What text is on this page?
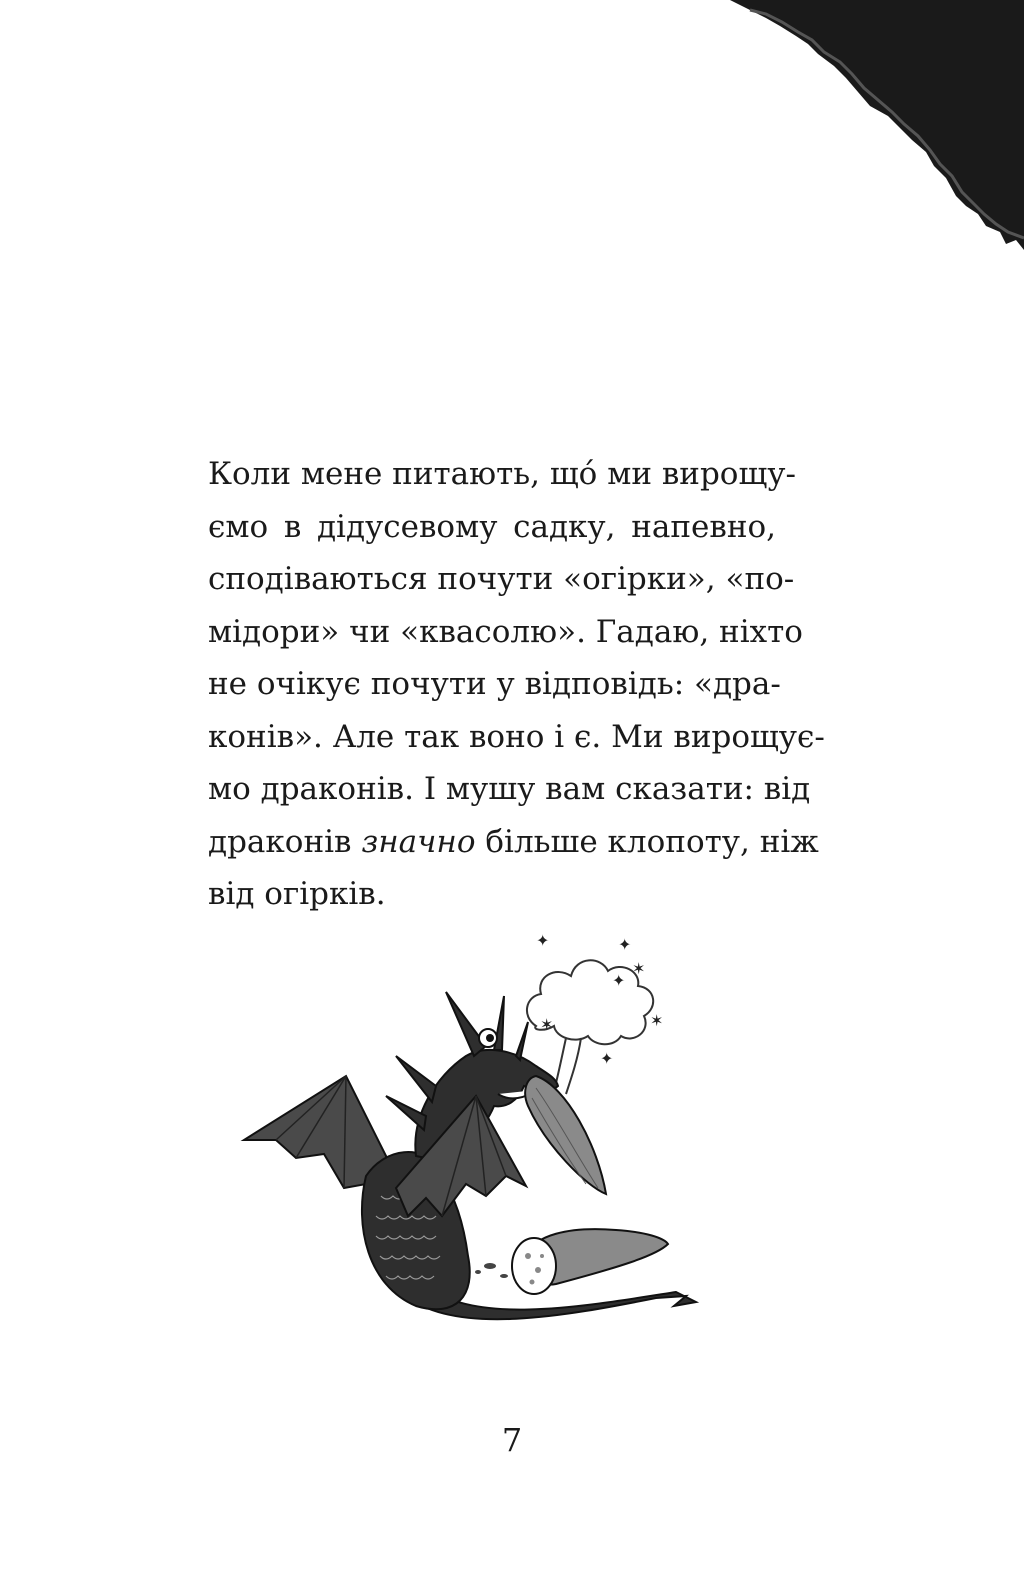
Коли мене питають, що́ ми вирощу-
ємо в дідусевому садку, напевно,
сподіваються почути «огірки», «по-
мідори» чи «квасолю». Гадаю, ніхто
не очікує почути у відповідь: «дра-
конів». Але так воно і є. Ми вирощує-
мо драконів. І мушу вам сказати: від
драконів значно більше клопоту, ніж
від огірків.
✦	✦
✦
✶
✶
✦
✶
7
